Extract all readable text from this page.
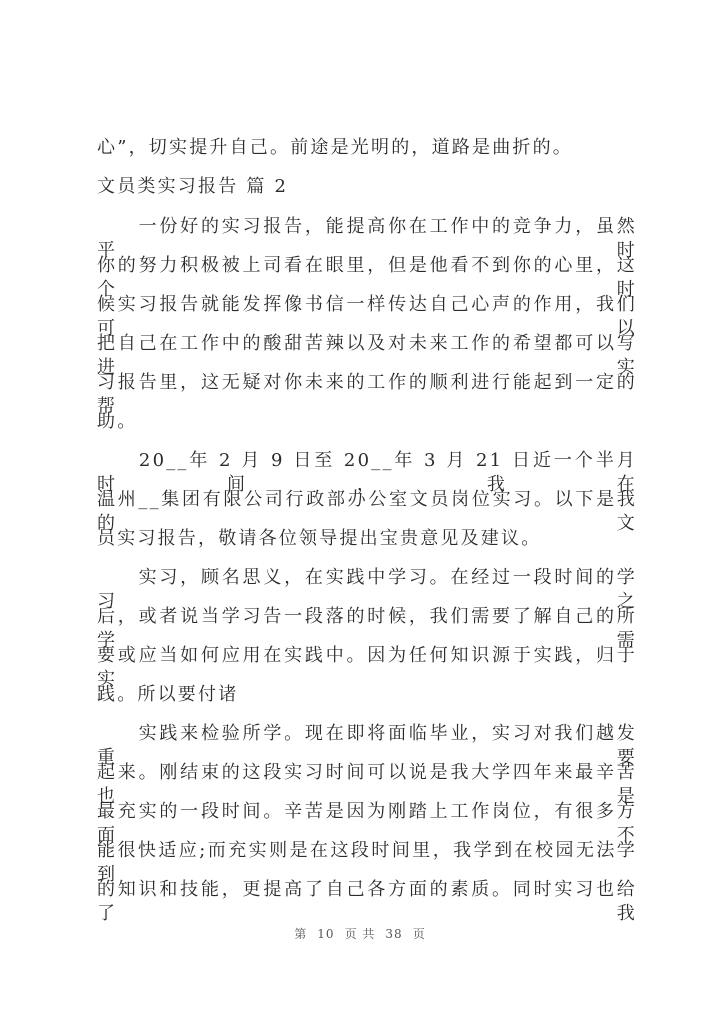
心”，切实提升自己。前途是光明的，道路是曲折的。
文员类实习报告 篇 2
　　一份好的实习报告，能提高你在工作中的竞争力，虽然平时
你的努力积极被上司看在眼里，但是他看不到你的心里，这个时
候实习报告就能发挥像书信一样传达自己心声的作用，我们可以
把自己在工作中的酸甜苦辣以及对未来工作的希望都可以写进实
习报告里，这无疑对你未来的工作的顺利进行能起到一定的帮
助。
　　20__年 2 月 9 日至 20__年 3 月 21 日近一个半月时间，我在
温州__集团有限公司行政部办公室文员岗位实习。以下是我的文
员实习报告，敬请各位领导提出宝贵意见及建议。
　　实习，顾名思义，在实践中学习。在经过一段时间的学习之
后，或者说当学习告一段落的时候，我们需要了解自己的所学需
要或应当如何应用在实践中。因为任何知识源于实践，归于实
践。所以要付诸
　　实践来检验所学。现在即将面临毕业，实习对我们越发重要
起来。刚结束的这段实习时间可以说是我大学四年来最辛苦也是
最充实的一段时间。辛苦是因为刚踏上工作岗位，有很多方面不
能很快适应;而充实则是在这段时间里，我学到在校园无法学到
的知识和技能，更提高了自己各方面的素质。同时实习也给了我
第 10 页 共 38 页
